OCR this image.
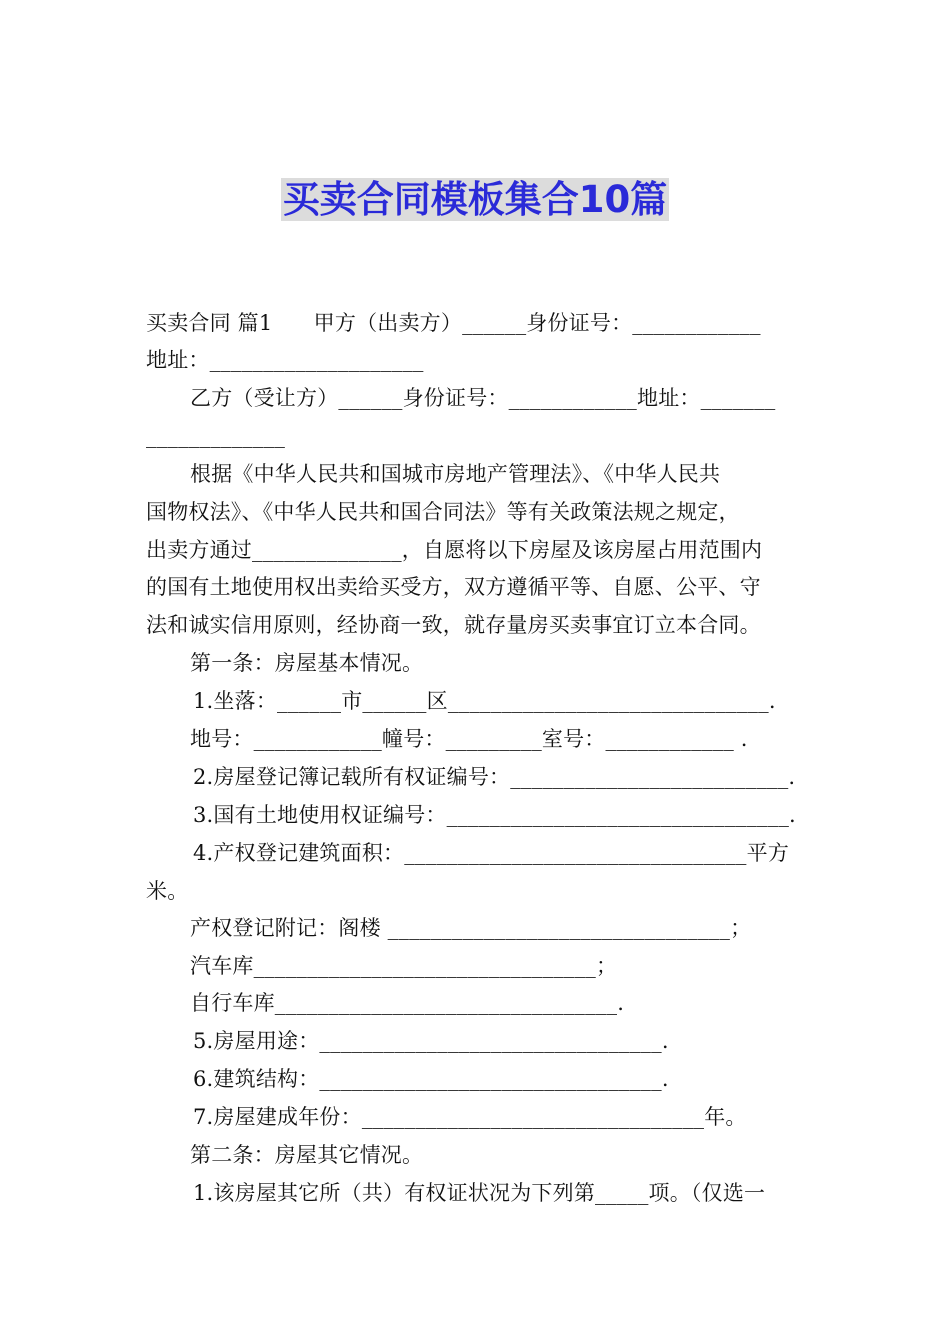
买卖合同模板集合10篇
买卖合同 篇1      甲方（出卖方）______身份证号：____________
地址：____________________
乙方（受让方）______身份证号：____________地址：_______
_____________
根据《中华人民共和国城市房地产管理法》、《中华人民共
国物权法》、《中华人民共和国合同法》等有关政策法规之规定，
出卖方通过______________，自愿将以下房屋及该房屋占用范围内
的国有土地使用权出卖给买受方，双方遵循平等、自愿、公平、守
法和诚实信用原则，经协商一致，就存量房买卖事宜订立本合同。
第一条：房屋基本情况。
1.坐落：______市______区______________________________.
地号：____________幢号：_________室号：____________ .
2.房屋登记簿记载所有权证编号：__________________________.
3.国有土地使用权证编号：________________________________.
4.产权登记建筑面积：________________________________平方
米。
产权登记附记：阁楼 ________________________________；
汽车库________________________________；
自行车库________________________________.
5.房屋用途：________________________________.
6.建筑结构：________________________________.
7.房屋建成年份：________________________________年。
第二条：房屋其它情况。
1.该房屋其它所（共）有权证状况为下列第_____项。（仅选一
